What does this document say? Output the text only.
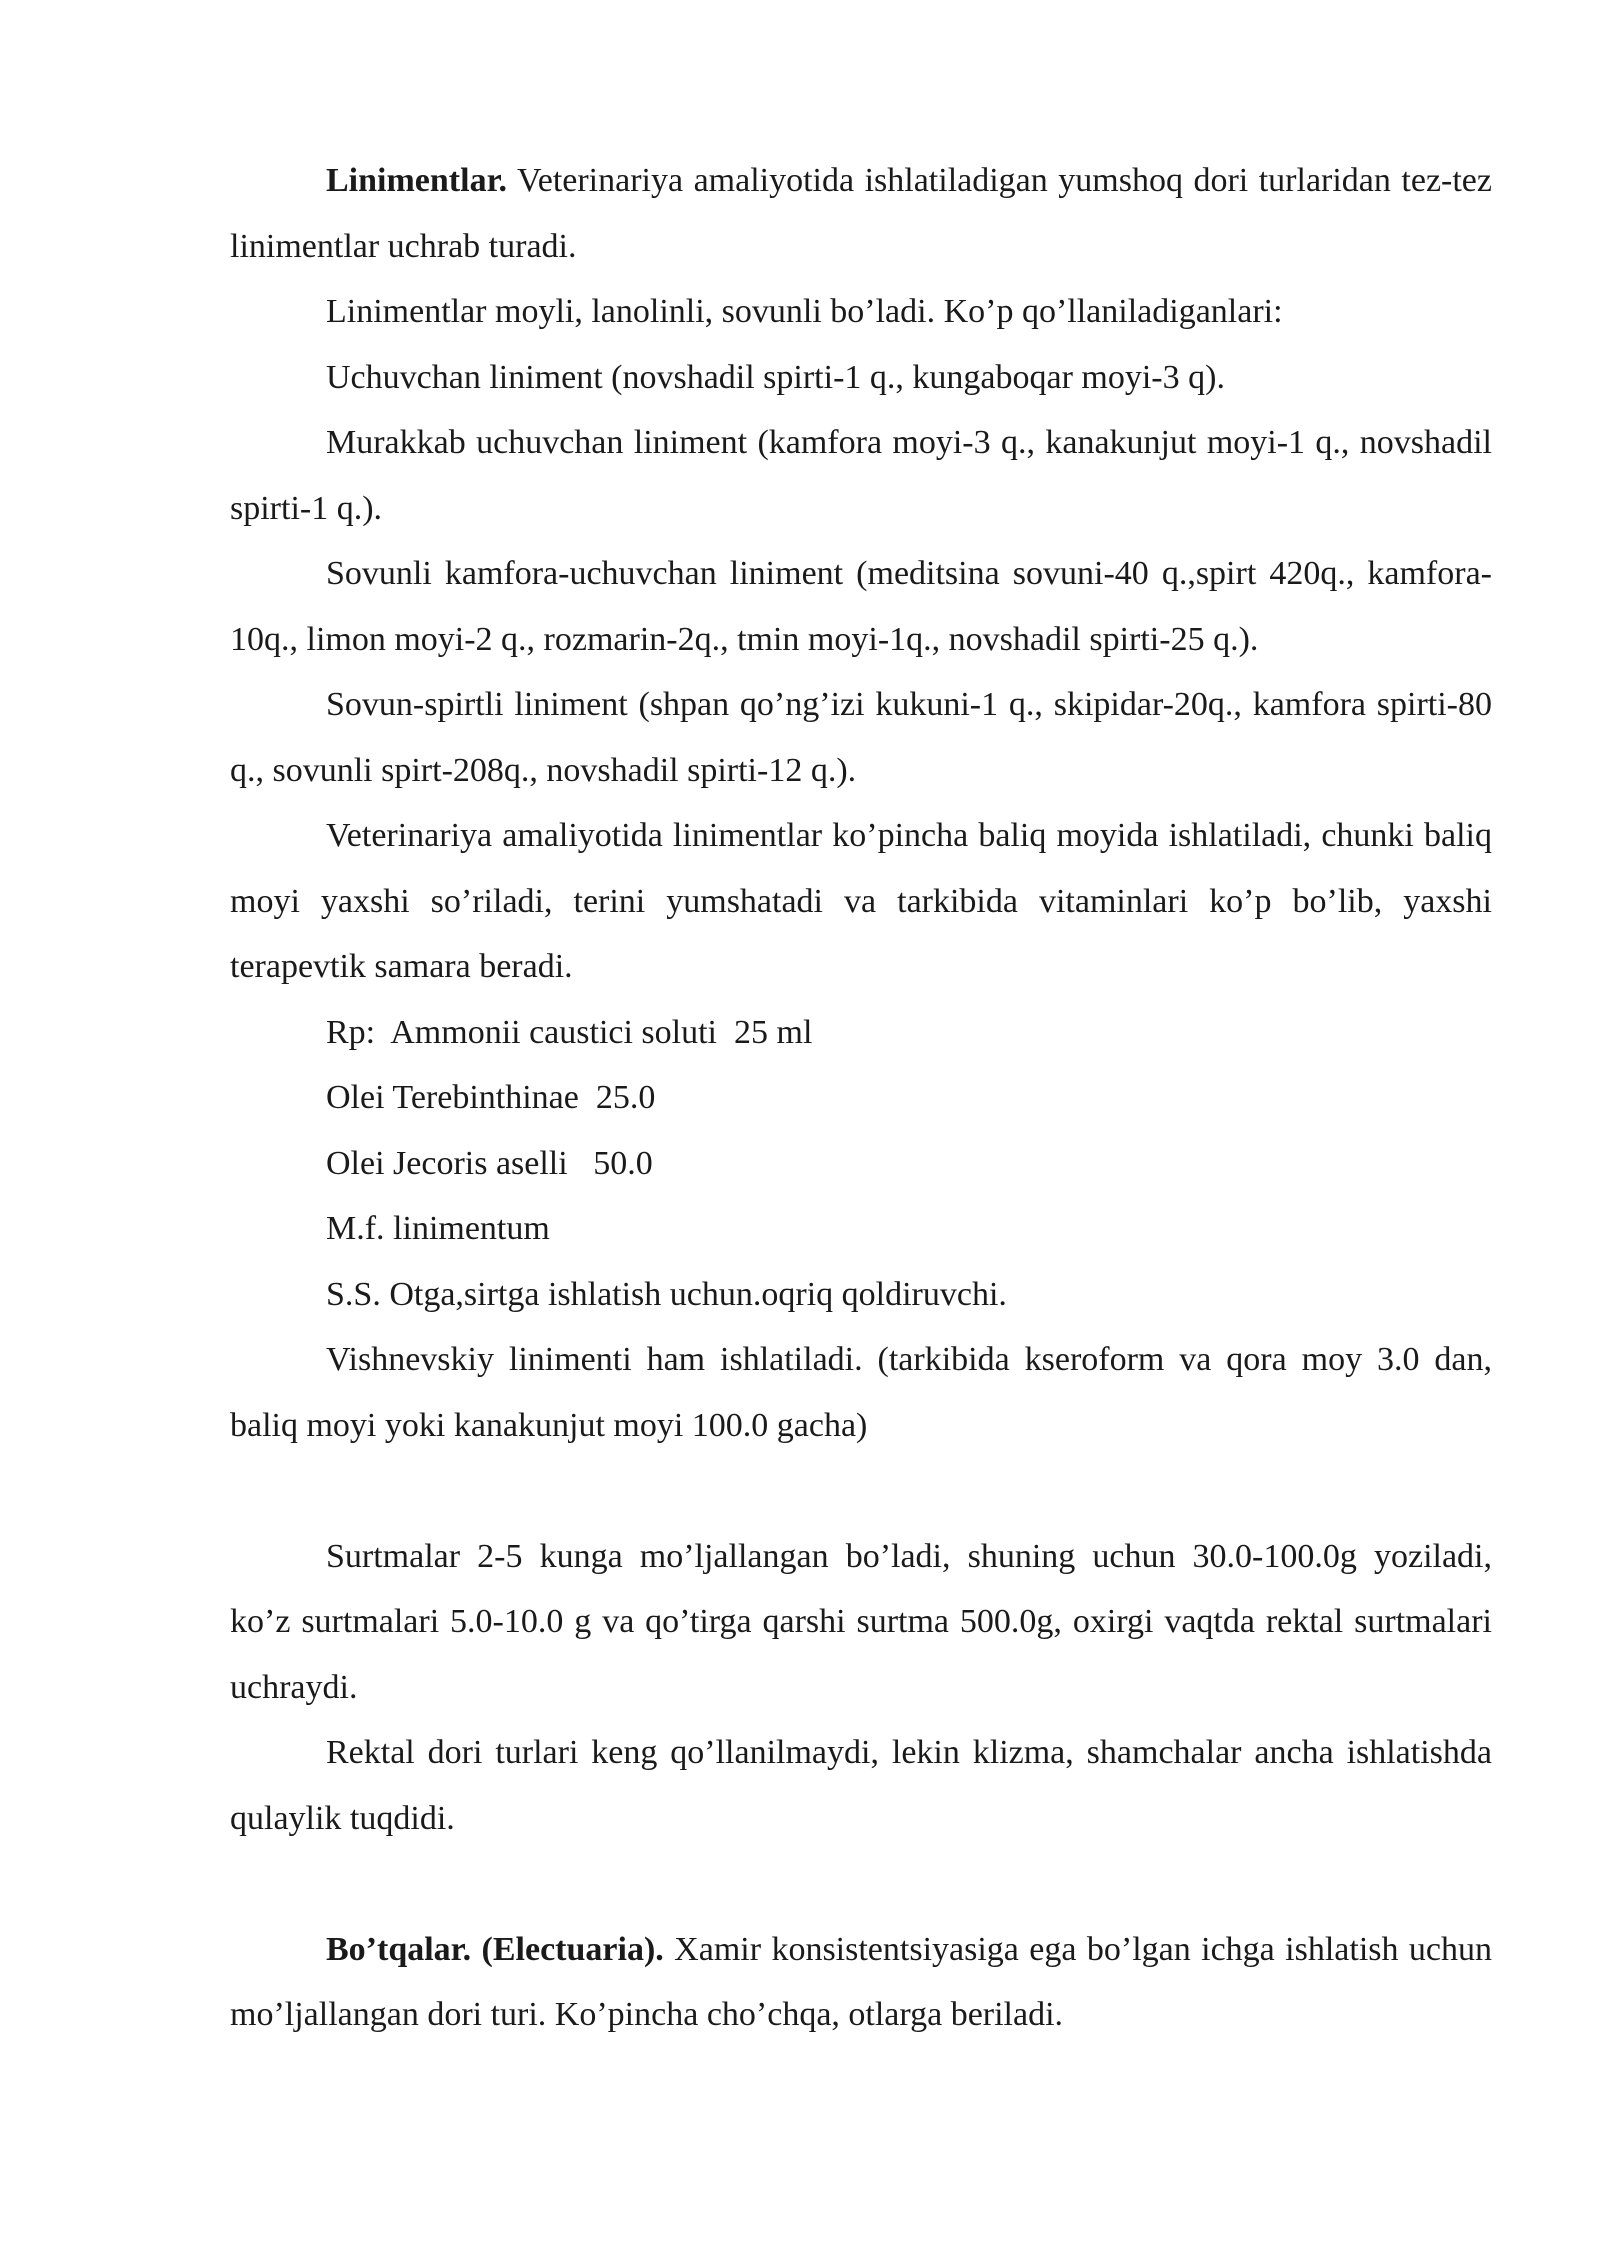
Linimentlar. Veterinariya amaliyotida ishlatiladigan yumshoq dori turlaridan tez-tez linimentlar uchrab turadi.

Linimentlar moyli, lanolinli, sovunli bo’ladi. Ko’p qo’llaniladiganlari:

Uchuvchan liniment (novshadil spirti-1 q., kungaboqar moyi-3 q).

Murakkab uchuvchan liniment (kamfora moyi-3 q., kanakunjut moyi-1 q., novshadil spirti-1 q.).

Sovunli kamfora-uchuvchan liniment (meditsina sovuni-40 q.,spirt 420q., kamfora-10q., limon moyi-2 q., rozmarin-2q., tmin moyi-1q., novshadil spirti-25 q.).

Sovun-spirtli liniment (shpan qo’ng’izi kukuni-1 q., skipidar-20q., kamfora spirti-80 q., sovunli spirt-208q., novshadil spirti-12 q.).

Veterinariya amaliyotida linimentlar ko’pincha baliq moyida ishlatiladi, chunki baliq moyi yaxshi so’riladi, terini yumshatadi va tarkibida vitaminlari ko’p bo’lib, yaxshi terapevtik samara beradi.

Rp:  Ammonii caustici soluti  25 ml

Olei Terebinthinae  25.0

Olei Jecoris aselli   50.0

M.f. linimentum

S.S. Otga,sirtga ishlatish uchun.oqriq qoldiruvchi.

Vishnevskiy linimenti ham ishlatiladi. (tarkibida kseroform va qora moy 3.0 dan, baliq moyi yoki kanakunjut moyi 100.0 gacha)

Surtmalar 2-5 kunga mo’ljallangan bo’ladi, shuning uchun 30.0-100.0g yoziladi, ko’z surtmalari 5.0-10.0 g va qo’tirga qarshi surtma 500.0g, oxirgi vaqtda rektal surtmalari uchraydi.

Rektal dori turlari keng qo’llanilmaydi, lekin klizma, shamchalar ancha ishlatishda qulaylik tuqdidi.

Bo’tqalar. (Electuaria). Xamir konsistentsiyasiga ega bo’lgan ichga ishlatish uchun mo’ljallangan dori turi. Ko’pincha cho’chqa, otlarga beriladi.
